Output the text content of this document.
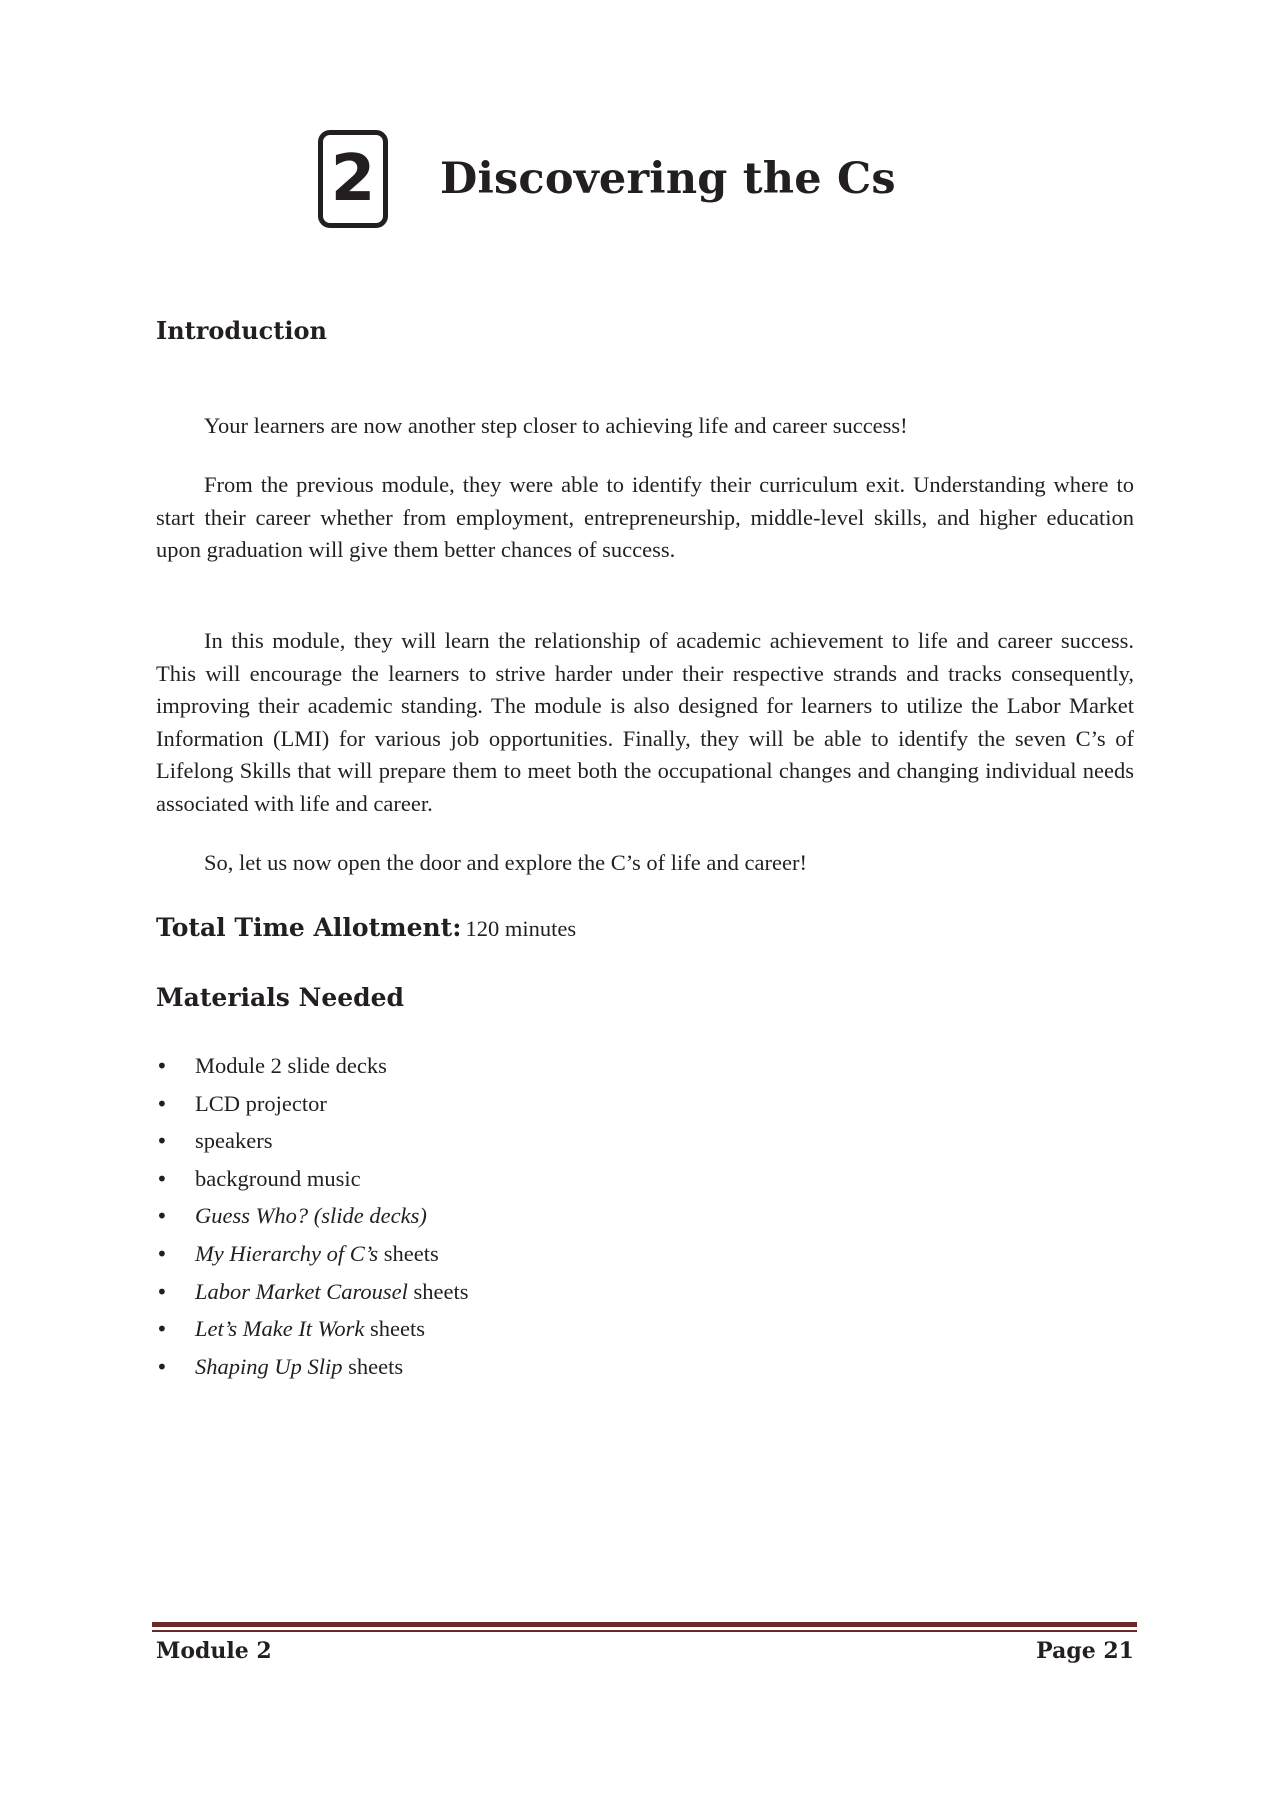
2 Discovering the Cs
Introduction

Your learners are now another step closer to achieving life and career success!

From the previous module, they were able to identify their curriculum exit. Understanding where to start their career whether from employment, entrepreneurship, middle-level skills, and higher education upon graduation will give them better chances of success.

In this module, they will learn the relationship of academic achievement to life and career success. This will encourage the learners to strive harder under their respective strands and tracks consequently, improving their academic standing. The module is also designed for learners to utilize the Labor Market Information (LMI) for various job opportunities. Finally, they will be able to identify the seven C’s of Lifelong Skills that will prepare them to meet both the occupational changes and changing individual needs associated with life and career.

So, let us now open the door and explore the C’s of life and career!

Total Time Allotment: 120 minutes
Materials Needed
•	Module 2 slide decks
•	LCD projector
•	speakers
•	background music
•	Guess Who? (slide decks)
•	My Hierarchy of C’s sheets
•	Labor Market Carousel sheets
•	Let’s Make It Work sheets
•	Shaping Up Slip sheets
Module 2	Page 21
